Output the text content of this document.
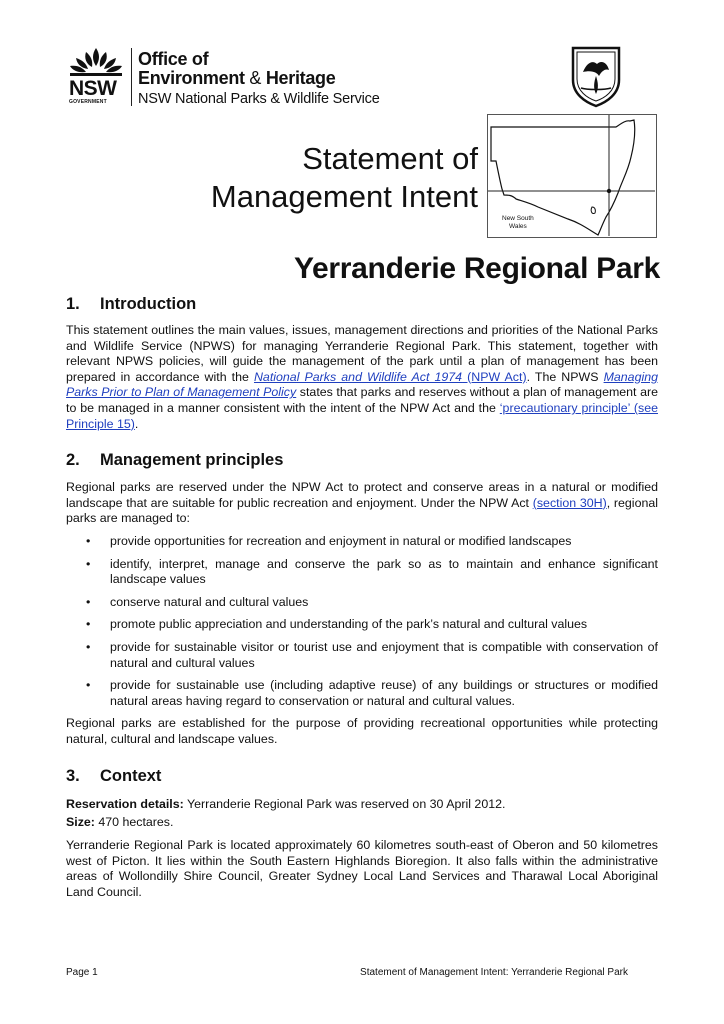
NSW
GOVERNMENT
Office of
Environment & Heritage
NSW National Parks & Wildlife Service
Statement of
Management Intent
New South
Wales
Yerranderie Regional Park
1. Introduction
This statement outlines the main values, issues, management directions and priorities of the National Parks and Wildlife Service (NPWS) for managing Yerranderie Regional Park. This statement, together with relevant NPWS policies, will guide the management of the park until a plan of management has been prepared in accordance with the National Parks and Wildlife Act 1974 (NPW Act). The NPWS Managing Parks Prior to Plan of Management Policy states that parks and reserves without a plan of management are to be managed in a manner consistent with the intent of the NPW Act and the ‘precautionary principle’ (see Principle 15).
2. Management principles
Regional parks are reserved under the NPW Act to protect and conserve areas in a natural or modified landscape that are suitable for public recreation and enjoyment. Under the NPW Act (section 30H), regional parks are managed to:
• provide opportunities for recreation and enjoyment in natural or modified landscapes
• identify, interpret, manage and conserve the park so as to maintain and enhance significant landscape values
• conserve natural and cultural values
• promote public appreciation and understanding of the park’s natural and cultural values
• provide for sustainable visitor or tourist use and enjoyment that is compatible with conservation of natural and cultural values
• provide for sustainable use (including adaptive reuse) of any buildings or structures or modified natural areas having regard to conservation or natural and cultural values.
Regional parks are established for the purpose of providing recreational opportunities while protecting natural, cultural and landscape values.
3. Context
Reservation details: Yerranderie Regional Park was reserved on 30 April 2012.
Size: 470 hectares.
Yerranderie Regional Park is located approximately 60 kilometres south-east of Oberon and 50 kilometres west of Picton. It lies within the South Eastern Highlands Bioregion. It also falls within the administrative areas of Wollondilly Shire Council, Greater Sydney Local Land Services and Tharawal Local Aboriginal Land Council.
Page 1	Statement of Management Intent: Yerranderie Regional Park
